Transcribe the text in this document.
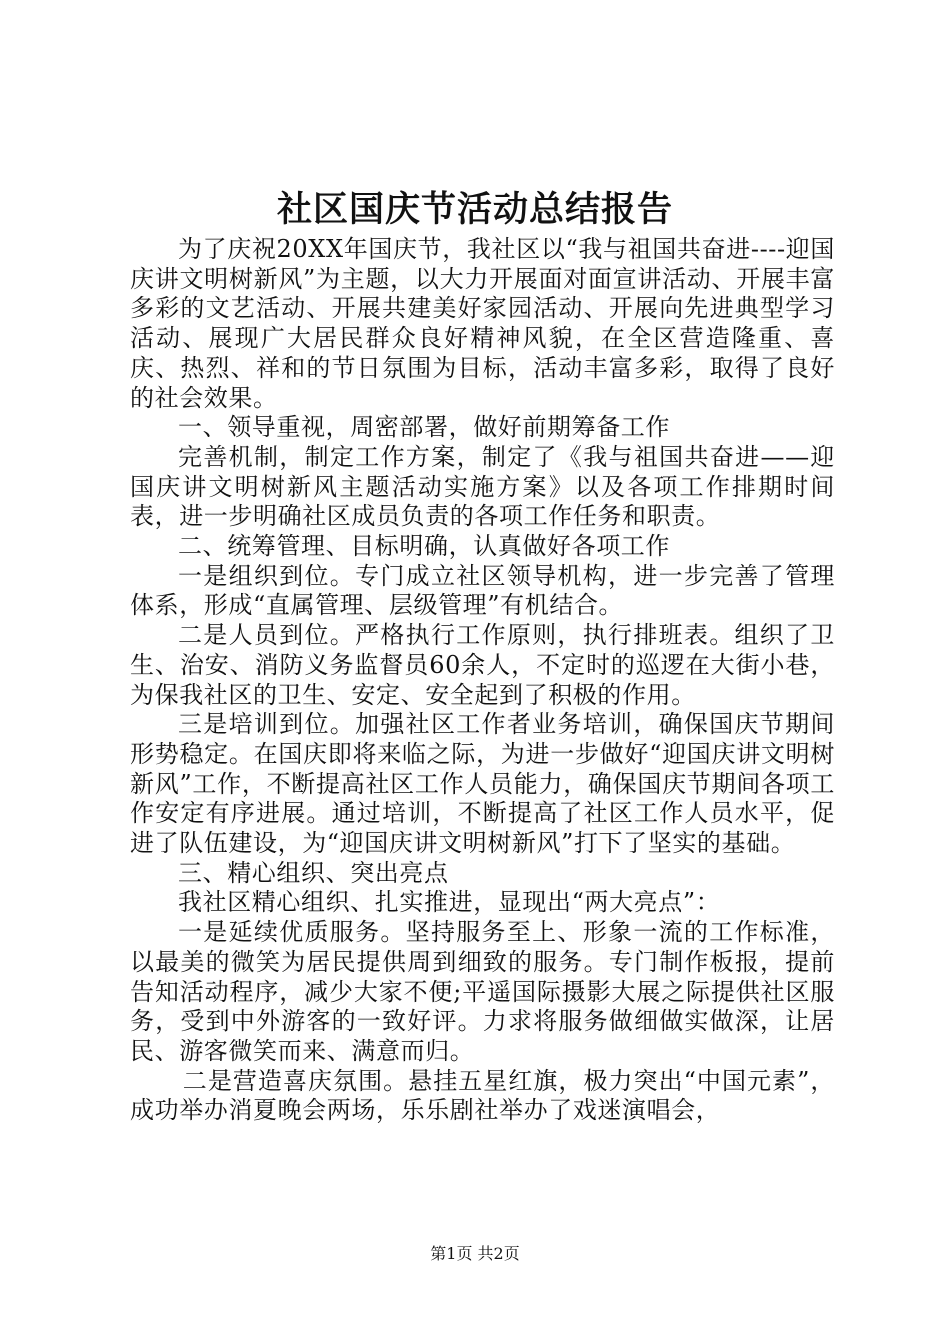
社区国庆节活动总结报告

为了庆祝20XX年国庆节，我社区以“我与祖国共奋进----迎国庆讲文明树新风”为主题，以大力开展面对面宣讲活动、开展丰富多彩的文艺活动、开展共建美好家园活动、开展向先进典型学习活动、展现广大居民群众良好精神风貌，在全区营造隆重、喜庆、热烈、祥和的节日氛围为目标，活动丰富多彩，取得了良好的社会效果。

一、领导重视，周密部署，做好前期筹备工作

完善机制，制定工作方案，制定了《我与祖国共奋进——迎国庆讲文明树新风主题活动实施方案》以及各项工作排期时间表，进一步明确社区成员负责的各项工作任务和职责。

二、统筹管理、目标明确，认真做好各项工作

一是组织到位。专门成立社区领导机构，进一步完善了管理体系，形成“直属管理、层级管理”有机结合。

二是人员到位。严格执行工作原则，执行排班表。组织了卫生、治安、消防义务监督员60余人，不定时的巡逻在大街小巷，为保我社区的卫生、安定、安全起到了积极的作用。

三是培训到位。加强社区工作者业务培训，确保国庆节期间形势稳定。在国庆即将来临之际，为进一步做好“迎国庆讲文明树新风”工作，不断提高社区工作人员能力，确保国庆节期间各项工作安定有序进展。通过培训，不断提高了社区工作人员水平，促进了队伍建设，为“迎国庆讲文明树新风”打下了坚实的基础。

三、精心组织、突出亮点

我社区精心组织、扎实推进，显现出“两大亮点”：

一是延续优质服务。坚持服务至上、形象一流的工作标准，以最美的微笑为居民提供周到细致的服务。专门制作板报，提前告知活动程序，减少大家不便;平遥国际摄影大展之际提供社区服务，受到中外游客的一致好评。力求将服务做细做实做深，让居民、游客微笑而来、满意而归。

二是营造喜庆氛围。悬挂五星红旗，极力突出“中国元素”，成功举办消夏晚会两场，乐乐剧社举办了戏迷演唱会，

第1页 共2页
